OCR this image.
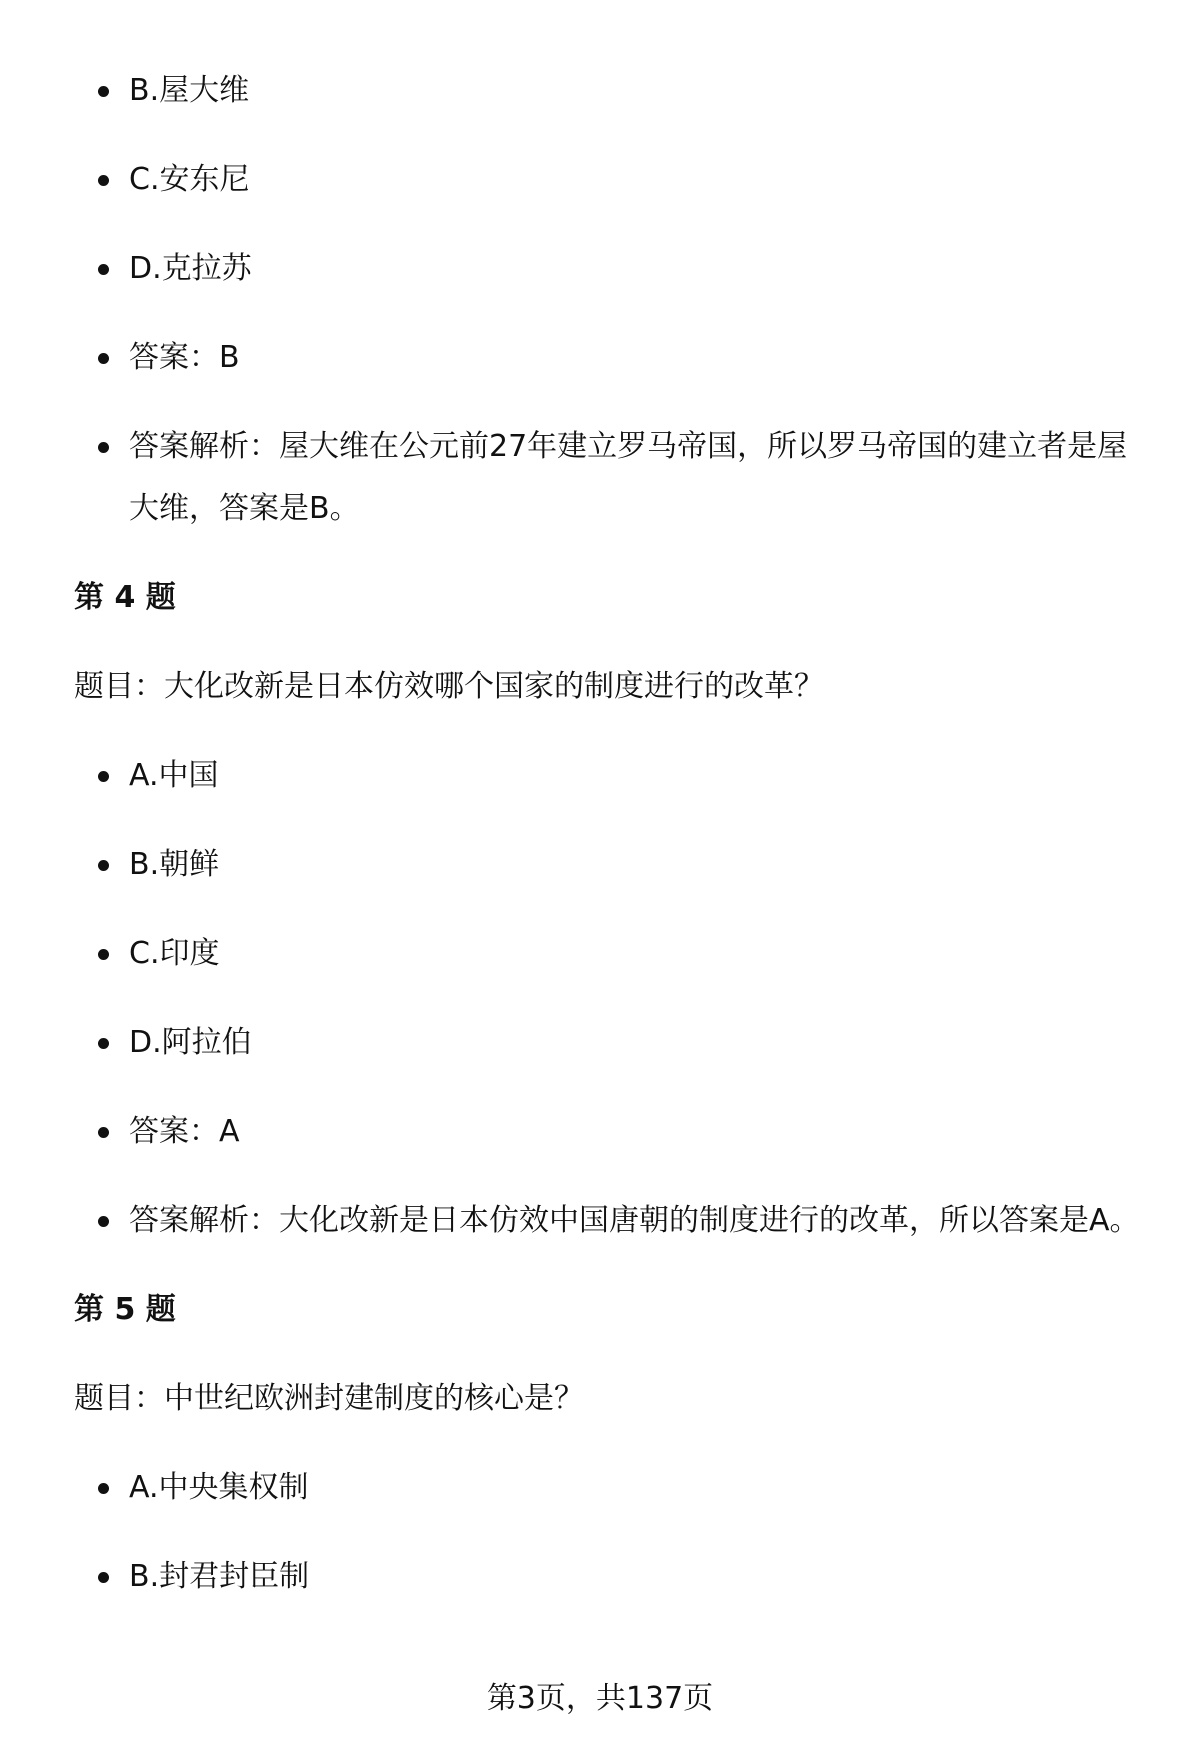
B.屋大维
C.安东尼
D.克拉苏
答案：B
答案解析：屋大维在公元前27年建立罗马帝国，所以罗马帝国的建立者是屋大维，答案是B。
第 4 题
题目：大化改新是日本仿效哪个国家的制度进行的改革？
A.中国
B.朝鲜
C.印度
D.阿拉伯
答案：A
答案解析：大化改新是日本仿效中国唐朝的制度进行的改革，所以答案是A。
第 5 题
题目：中世纪欧洲封建制度的核心是？
A.中央集权制
B.封君封臣制
第3页，共137页
